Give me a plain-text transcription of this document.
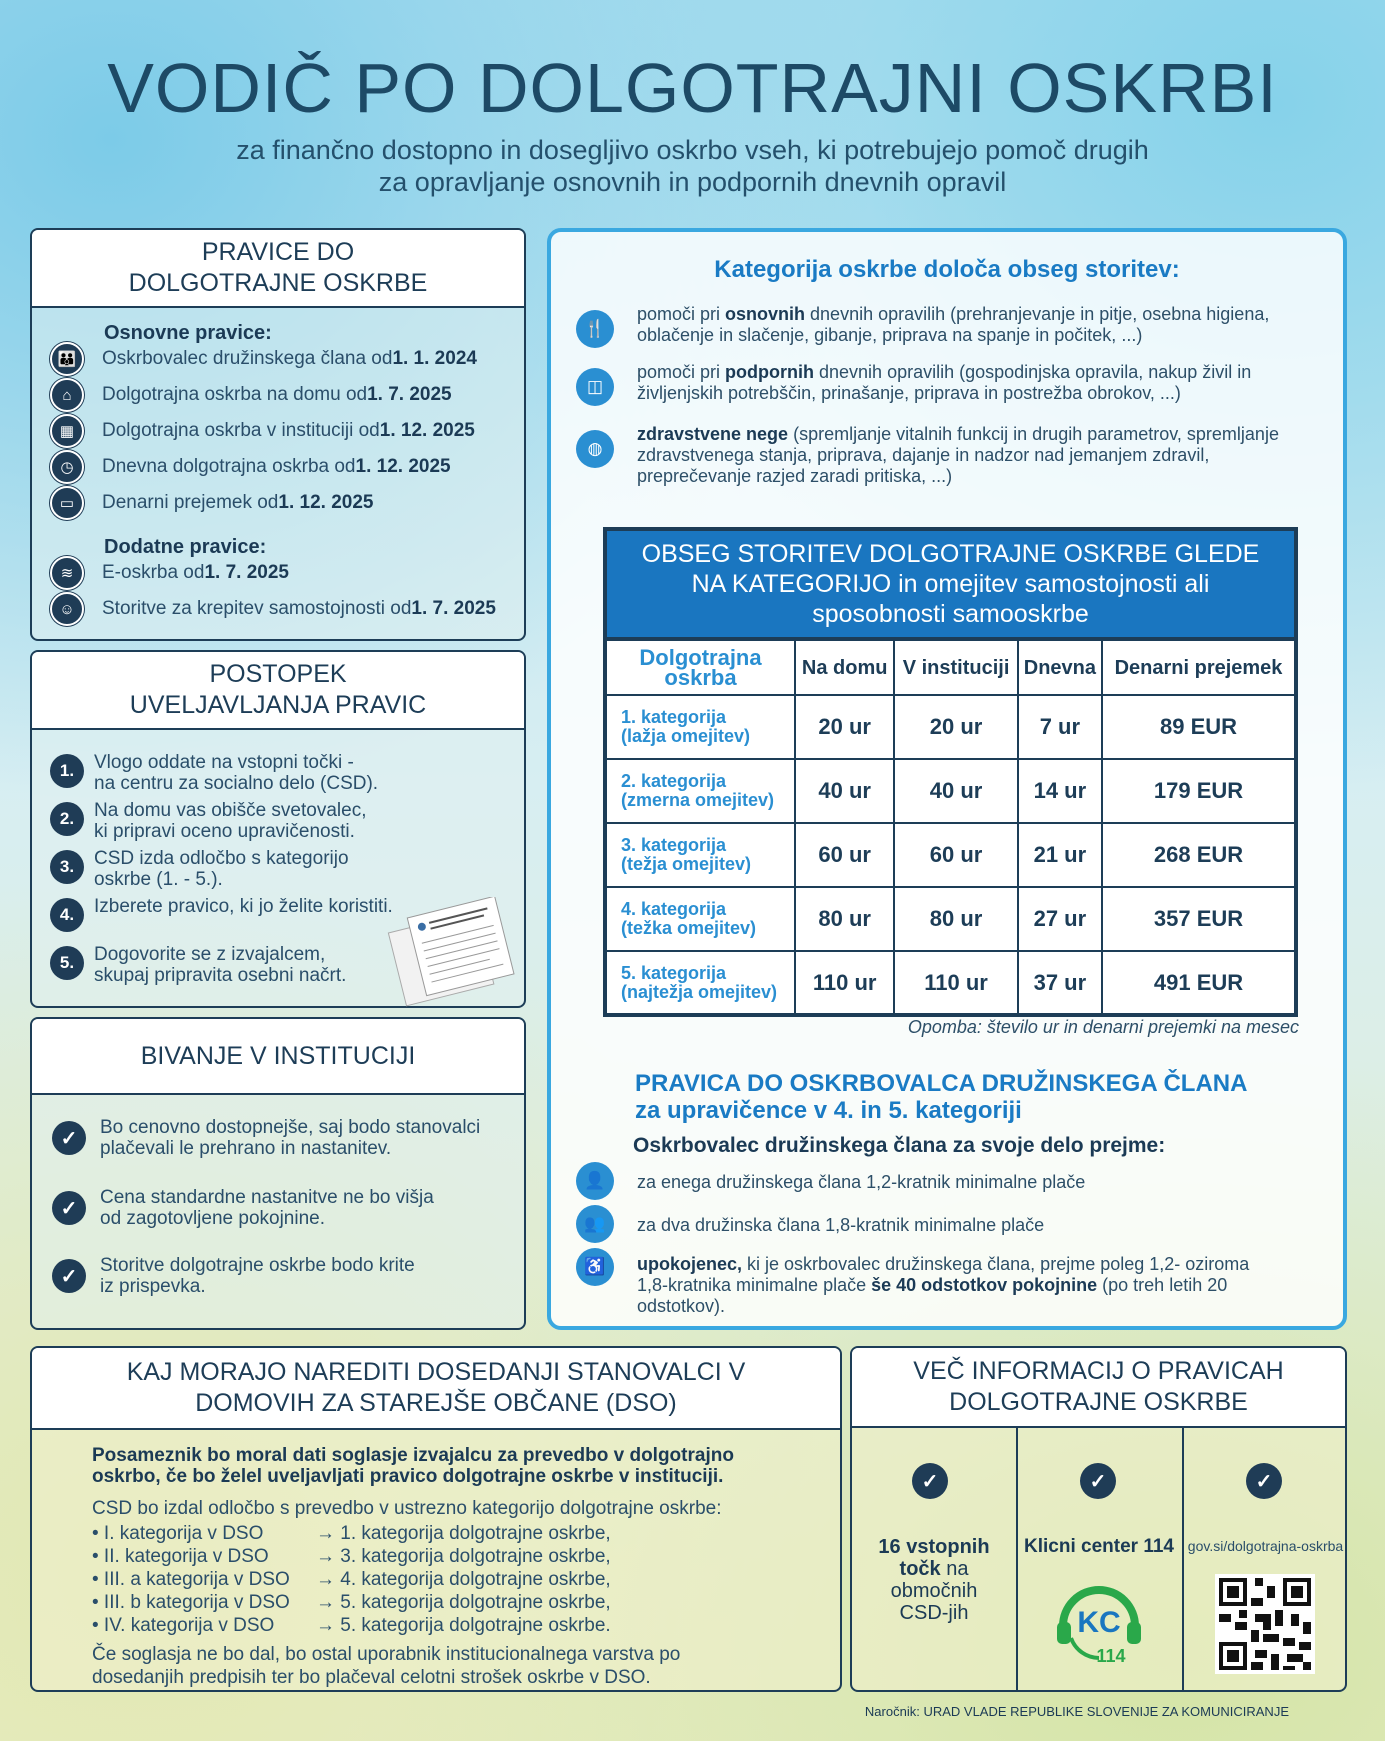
VODIČ PO DOLGOTRAJNI OSKRBI
za finančno dostopno in dosegljivo oskrbo vseh, ki potrebujejo pomoč drugih
za opravljanje osnovnih in podpornih dnevnih opravil
PRAVICE DO
DOLGOTRAJNE OSKRBE
Osnovne pravice:
Dodatne pravice:
👪	Oskrbovalec družinskega člana od 1. 1. 2024
⌂	Dolgotrajna oskrba na domu od 1. 7. 2025
▦	Dolgotrajna oskrba v instituciji od 1. 12. 2025
◷	Dnevna dolgotrajna oskrba od 1. 12. 2025
▭	Denarni prejemek od 1. 12. 2025
≋	E-oskrba od 1. 7. 2025
☺	Storitve za krepitev samostojnosti od 1. 7. 2025
POSTOPEK
UVELJAVLJANJA PRAVIC
1.	Vlogo oddate na vstopni točki -
na centru za socialno delo (CSD).
2.	Na domu vas obišče svetovalec,
ki pripravi oceno upravičenosti.
3.	CSD izda odločbo s kategorijo
oskrbe (1. - 5.).
4.	Izberete pravico, ki jo želite koristiti.
5.	Dogovorite se z izvajalcem,
skupaj pripravita osebni načrt.
BIVANJE V INSTITUCIJI
✓	Bo cenovno dostopnejše, saj bodo stanovalci
plačevali le prehrano in nastanitev.
✓	Cena standardne nastanitve ne bo višja
od zagotovljene pokojnine.
✓	Storitve dolgotrajne oskrbe bodo krite
iz prispevka.
Kategorija oskrbe določa obseg storitev:
OBSEG STORITEV DOLGOTRAJNE OSKRBE GLEDE
NA KATEGORIJO in omejitev samostojnosti ali
sposobnosti samooskrbe
Dolgotrajna oskrba	Na domu	V instituciji	Dnevna	Denarni prejemek

1. kategorija
(lažja omejitev)	20 ur	20 ur	7 ur	89 EUR

2. kategorija
(zmerna omejitev)	40 ur	40 ur	14 ur	179 EUR

3. kategorija
(težja omejitev)	60 ur	60 ur	21 ur	268 EUR

4. kategorija
(težka omejitev)	80 ur	80 ur	27 ur	357 EUR

5. kategorija
(najtežja omejitev)	110 ur	110 ur	37 ur	491 EUR
Opomba: število ur in denarni prejemki na mesec
PRAVICA DO OSKRBOVALCA DRUŽINSKEGA ČLANA
za upravičence v 4. in 5. kategoriji
Oskrbovalec družinskega člana za svoje delo prejme:
👤	za enega družinskega člana 1,2-kratnik minimalne plače
👥	za dva družinska člana 1,8-kratnik minimalne plače
♿	upokojenec, ki je oskrbovalec družinskega člana, prejme poleg 1,2- oziroma
1,8-kratnika minimalne plače še 40 odstotkov pokojnine (po treh letih 20
odstotkov).
🍴
pomoči pri osnovnih dnevnih opravilih (prehranjevanje in pitje, osebna higiena,
oblačenje in slačenje, gibanje, priprava na spanje in počitek, ...)
◫
pomoči pri podpornih dnevnih opravilih (gospodinjska opravila, nakup živil in
življenjskih potrebščin, prinašanje, priprava in postrežba obrokov, ...)
◍
zdravstvene nege (spremljanje vitalnih funkcij in drugih parametrov, spremljanje
zdravstvenega stanja, priprava, dajanje in nadzor nad jemanjem zdravil,
preprečevanje razjed zaradi pritiska, ...)
KAJ MORAJO NAREDITI DOSEDANJI STANOVALCI V
DOMOVIH ZA STAREJŠE OBČANE (DSO)
Posameznik bo moral dati soglasje izvajalcu za prevedbo v dolgotrajno
oskrbo, če bo želel uveljavljati pravico dolgotrajne oskrbe v instituciji.
CSD bo izdal odločbo s prevedbo v ustrezno kategorijo dolgotrajne oskrbe:
Če soglasja ne bo dal, bo ostal uporabnik institucionalnega varstva po
dosedanjih predpisih ter bo plačeval celotni strošek oskrbe v DSO.
• I. kategorija v DSO	→ 1. kategorija dolgotrajne oskrbe,
• II. kategorija v DSO → 3. kategorija dolgotrajne oskrbe,
• III. a kategorija v DSO → 4. kategorija dolgotrajne oskrbe,
• III. b kategorija v DSO → 5. kategorija dolgotrajne oskrbe,
• IV. kategorija v DSO → 5. kategorija dolgotrajne oskrbe.
VEČ INFORMACIJ O PRAVICAH
DOLGOTRAJNE OSKRBE
✓	✓	✓
16 vstopnih
točk na
območnih
CSD-jih
Klicni center 114
KC
114
gov.si/dolgotrajna-oskrba
Naročnik: URAD VLADE REPUBLIKE SLOVENIJE ZA KOMUNICIRANJE
